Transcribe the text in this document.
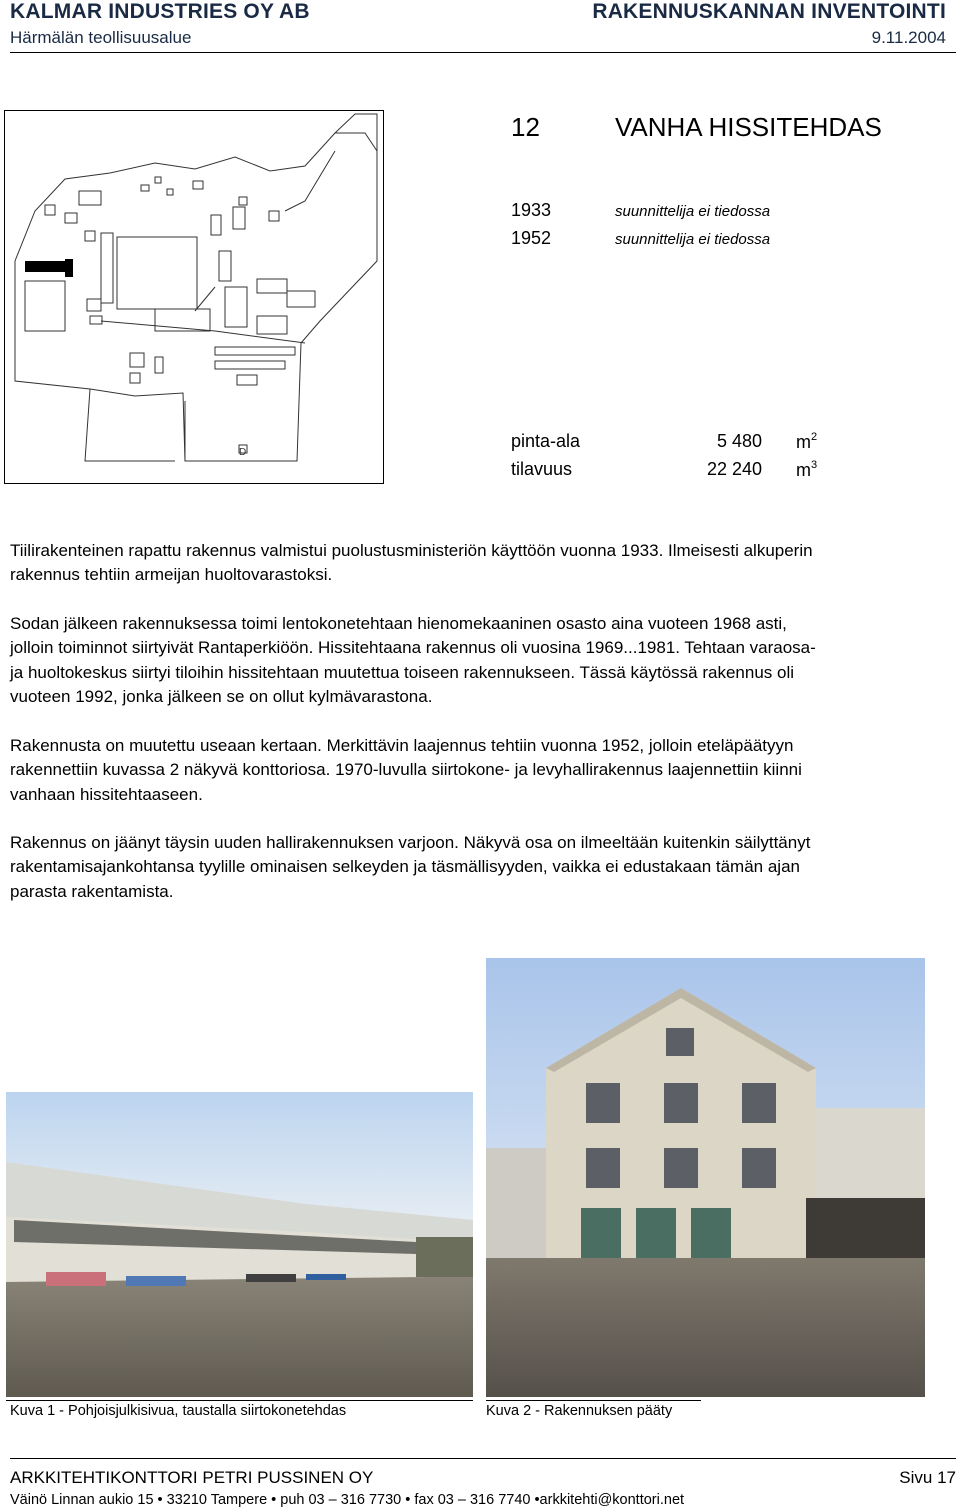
KALMAR INDUSTRIES OY AB	RAKENNUSKANNAN INVENTOINTI
Härmälän teollisuusalue	9.11.2004
D
12	VANHA HISSITEHDAS
1933	suunnittelija ei tiedossa
1952	suunnittelija ei tiedossa
pinta-ala	5 480 $m^2$
tilavuus	22 240 $m^3$
Tiilirakenteinen rapattu rakennus valmistui puolustusministeriön käyttöön vuonna 1933. Ilmeisesti alkuperin
rakennus tehtiin armeijan huoltovarastoksi.
Sodan jälkeen rakennuksessa toimi lentokonetehtaan hienomekaaninen osasto aina vuoteen 1968 asti,
jolloin toiminnot siirtyivät Rantaperkiöön. Hissitehtaana rakennus oli vuosina 1969...1981. Tehtaan varaosa-
ja huoltokeskus siirtyi tiloihin hissitehtaan muutettua toiseen rakennukseen. Tässä käytössä rakennus oli
vuoteen 1992, jonka jälkeen se on ollut kylmävarastona.
Rakennusta on muutettu useaan kertaan. Merkittävin laajennus tehtiin vuonna 1952, jolloin eteläpäätyyn
rakennettiin kuvassa 2 näkyvä konttoriosa. 1970-luvulla siirtokone- ja levyhallirakennus laajennettiin kiinni
vanhaan hissitehtaaseen.
Rakennus on jäänyt täysin uuden hallirakennuksen varjoon. Näkyvä osa on ilmeeltään kuitenkin säilyttänyt
rakentamisajankohtansa tyylille ominaisen selkeyden ja täsmällisyyden, vaikka ei edustakaan tämän ajan
parasta rakentamista.
Kuva 1 - Pohjoisjulkisivua, taustalla siirtokonetehdas	Kuva 2 - Rakennuksen pääty
ARKKITEHTIKONTTORI PETRI PUSSINEN OY	Sivu 17
Väinö Linnan aukio 15 • 33210 Tampere • puh 03 – 316 7730 • fax 03 – 316 7740 •arkkitehti@konttori.net
